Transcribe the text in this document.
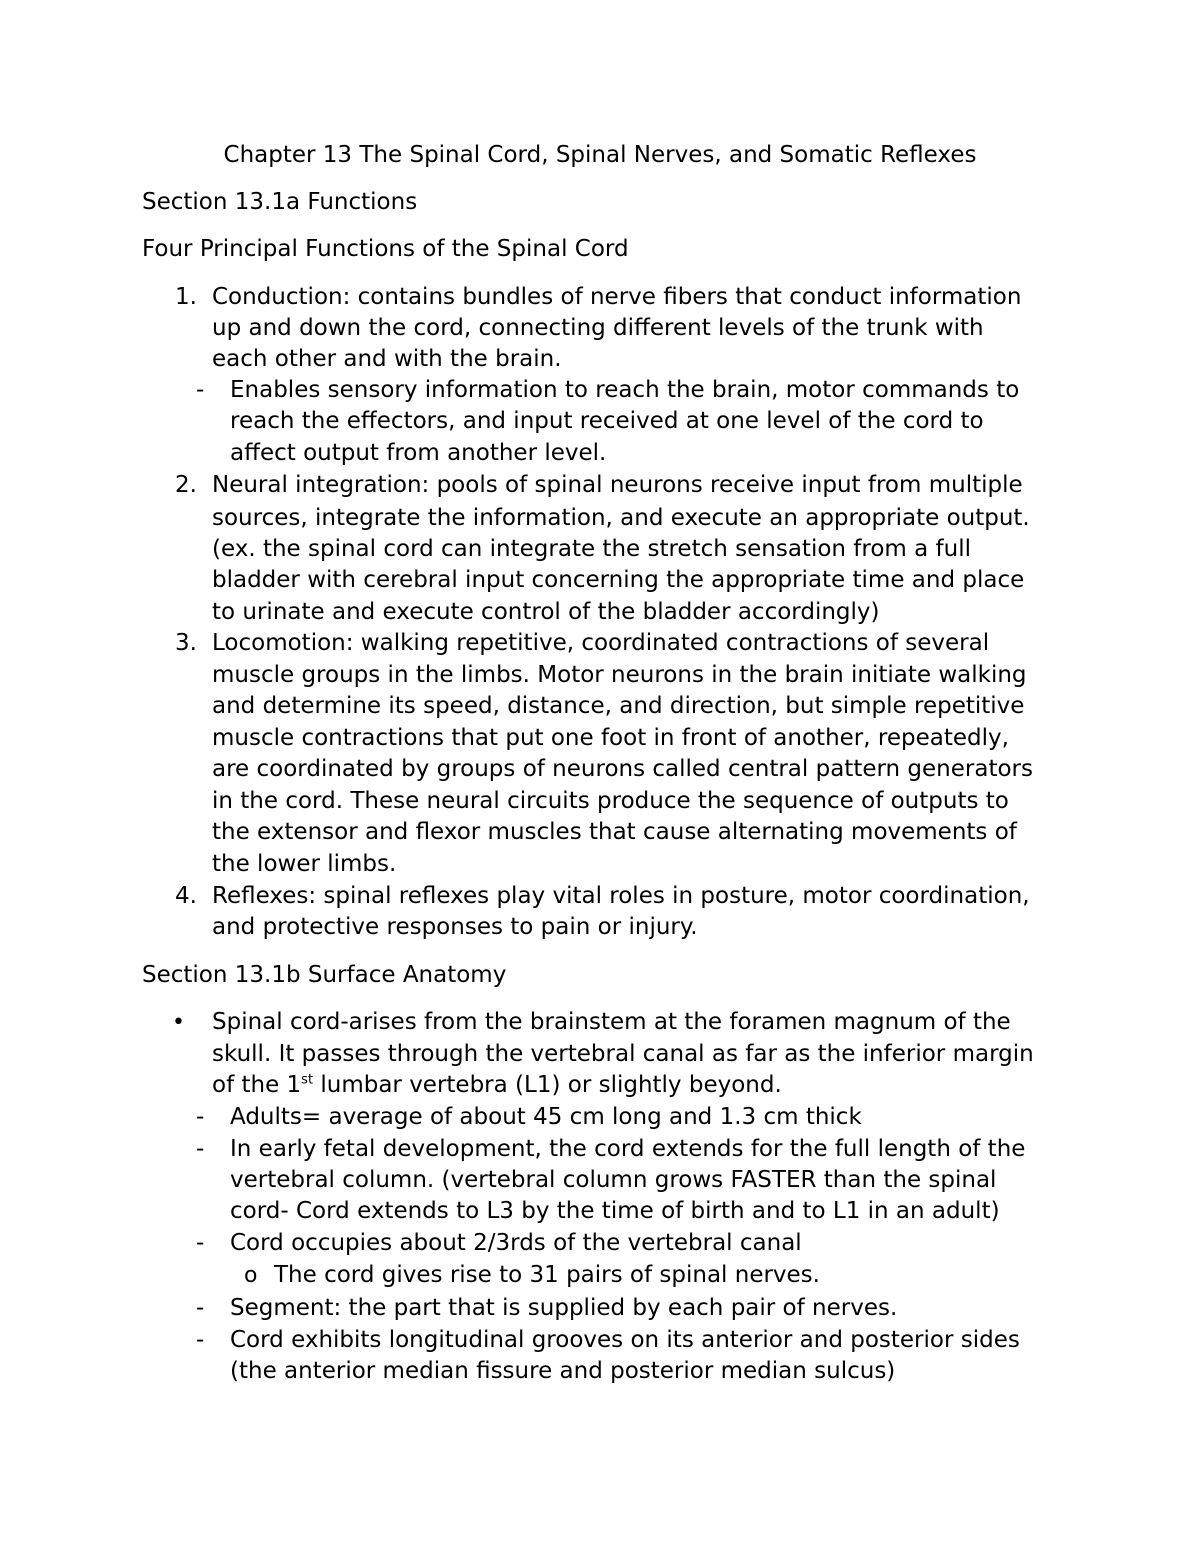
Chapter 13 The Spinal Cord, Spinal Nerves, and Somatic Reflexes
Section 13.1a Functions
Four Principal Functions of the Spinal Cord
1. Conduction: contains bundles of nerve fibers that conduct information
up and down the cord, connecting different levels of the trunk with
each other and with the brain.
- Enables sensory information to reach the brain, motor commands to
reach the effectors, and input received at one level of the cord to
affect output from another level.
2. Neural integration: pools of spinal neurons receive input from multiple
sources, integrate the information, and execute an appropriate output.
(ex. the spinal cord can integrate the stretch sensation from a full
bladder with cerebral input concerning the appropriate time and place
to urinate and execute control of the bladder accordingly)
3. Locomotion: walking repetitive, coordinated contractions of several
muscle groups in the limbs. Motor neurons in the brain initiate walking
and determine its speed, distance, and direction, but simple repetitive
muscle contractions that put one foot in front of another, repeatedly,
are coordinated by groups of neurons called central pattern generators
in the cord. These neural circuits produce the sequence of outputs to
the extensor and flexor muscles that cause alternating movements of
the lower limbs.
4. Reflexes: spinal reflexes play vital roles in posture, motor coordination,
and protective responses to pain or injury.
Section 13.1b Surface Anatomy
• Spinal cord-arises from the brainstem at the foramen magnum of the
skull. It passes through the vertebral canal as far as the inferior margin
of the 1st lumbar vertebra (L1) or slightly beyond.
- Adults= average of about 45 cm long and 1.3 cm thick
- In early fetal development, the cord extends for the full length of the
vertebral column. (vertebral column grows FASTER than the spinal
cord- Cord extends to L3 by the time of birth and to L1 in an adult)
- Cord occupies about 2/3rds of the vertebral canal
o The cord gives rise to 31 pairs of spinal nerves.
- Segment: the part that is supplied by each pair of nerves.
- Cord exhibits longitudinal grooves on its anterior and posterior sides
(the anterior median fissure and posterior median sulcus)
